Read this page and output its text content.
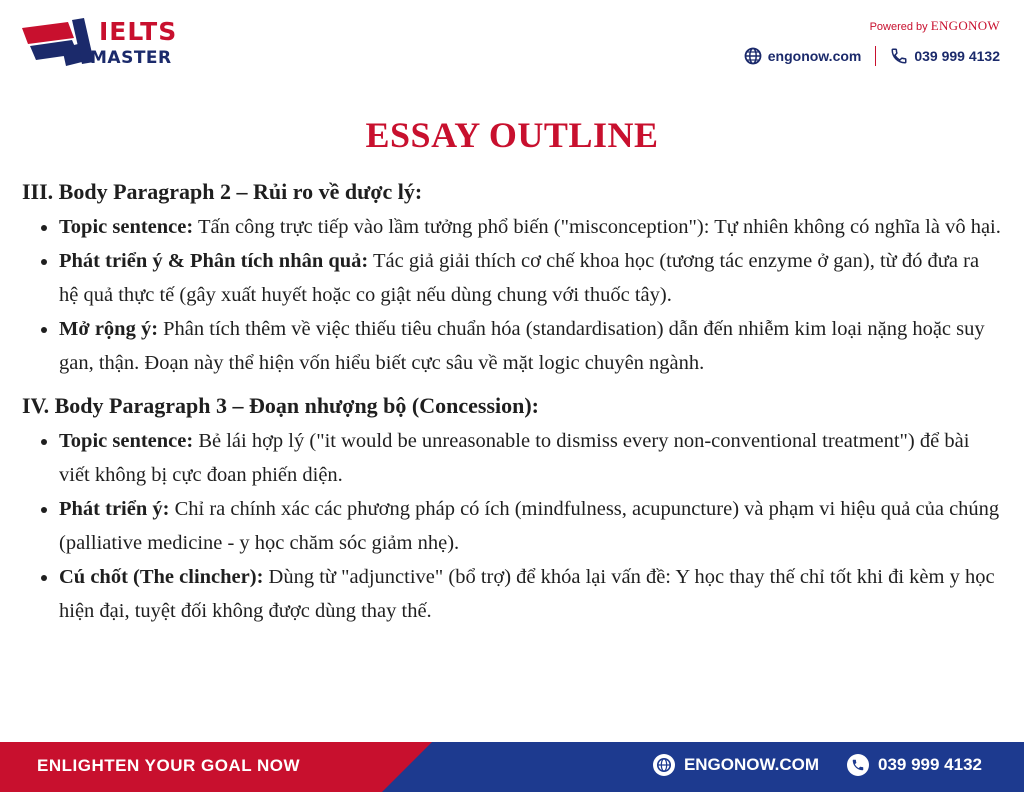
IELTS
MASTER
Powered by ENGONOW
engonow.com	039 999 4132
ESSAY OUTLINE
III. Body Paragraph 2 – Rủi ro về dược lý:
Topic sentence: Tấn công trực tiếp vào lầm tưởng phổ biến ("misconception"): Tự nhiên không có nghĩa là vô hại.
Phát triển ý & Phân tích nhân quả: Tác giả giải thích cơ chế khoa học (tương tác enzyme ở gan), từ đó đưa ra hệ quả thực tế (gây xuất huyết hoặc co giật nếu dùng chung với thuốc tây).
Mở rộng ý: Phân tích thêm về việc thiếu tiêu chuẩn hóa (standardisation) dẫn đến nhiễm kim loại nặng hoặc suy gan, thận. Đoạn này thể hiện vốn hiểu biết cực sâu về mặt logic chuyên ngành.
IV. Body Paragraph 3 – Đoạn nhượng bộ (Concession):
Topic sentence: Bẻ lái hợp lý ("it would be unreasonable to dismiss every non-conventional treatment") để bài viết không bị cực đoan phiến diện.
Phát triển ý: Chỉ ra chính xác các phương pháp có ích (mindfulness, acupuncture) và phạm vi hiệu quả của chúng (palliative medicine - y học chăm sóc giảm nhẹ).
Cú chốt (The clincher): Dùng từ "adjunctive" (bổ trợ) để khóa lại vấn đề: Y học thay thế chỉ tốt khi đi kèm y học hiện đại, tuyệt đối không được dùng thay thế.
ENLIGHTEN YOUR GOAL NOW	ENGONOW.COM	039 999 4132
